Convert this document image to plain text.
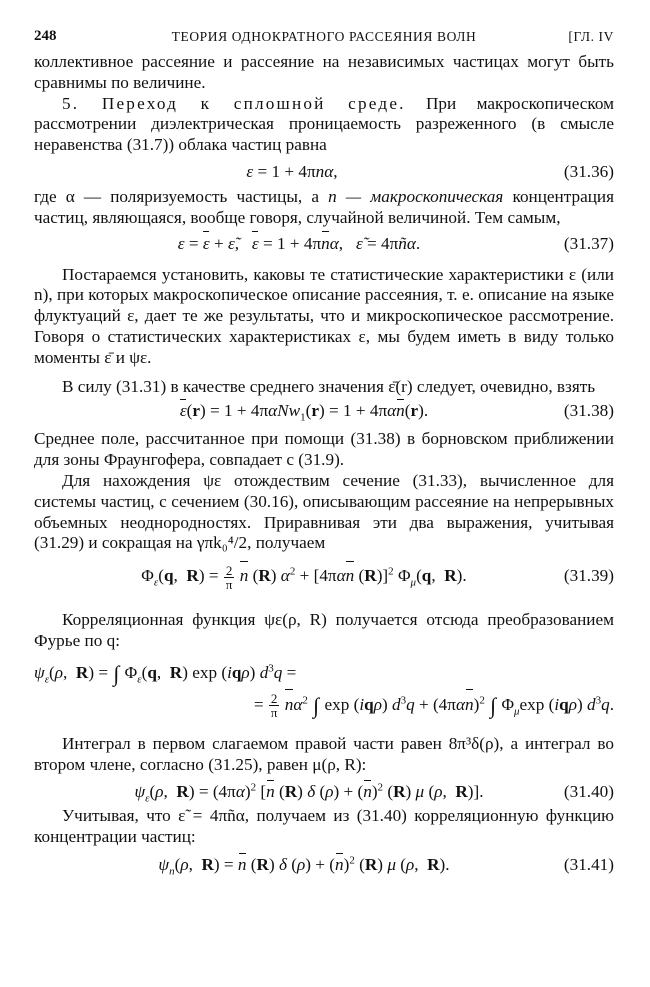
248	ТЕОРИЯ ОДНОКРАТНОГО РАССЕЯНИЯ ВОЛН	[ГЛ. IV

коллективное рассеяние и рассеяние на независимых частицах могут быть сравнимы по величине.

5. Переход к сплошной среде. При макроскопическом рассмотрении диэлектрическая проницаемость разреженного (в смысле неравенства (31.7)) облака частиц равна

ε = 1 + 4πnα,	(31.36)

где α — поляризуемость частицы, а n — макроскопическая концентрация частиц, являющаяся, вообще говоря, случайной величиной. Тем самым,

ε = ε + ε̃,   ε = 1 + 4πnα,   ε̃ = 4πñα.	(31.37)

Постараемся установить, каковы те статистические характеристики ε (или n), при которых макроскопическое описание рассеяния, т. е. описание на языке флуктуаций ε, дает те же результаты, что и микроскопическое рассмотрение. Говоря о статистических характеристиках ε, мы будем иметь в виду только моменты ε̄ и ψε.

В силу (31.31) в качестве среднего значения ε̄(r) следует, очевидно, взять

ε(r) = 1 + 4παNw$_1$(r) = 1 + 4παn(r).	(31.38)

Среднее поле, рассчитанное при помощи (31.38) в борновском приближении для зоны Фраунгофера, совпадает с (31.9).

Для нахождения ψε отождествим сечение (31.33), вычисленное для системы частиц, с сечением (30.16), описывающим рассеяние на непрерывных объемных неоднородностях. Приравнивая эти два выражения, учитывая (31.29) и сокращая на γπk₀⁴/2, получаем

$\Phi_\varepsilon(q$,  $R) = \frac{2}{\pi}$ n (R) $\alpha^2 + [4\pi\alpha n$ (R)]$^2$ $\Phi_\mu(q$,  R).	(31.39)

Корреляционная функция ψε(ρ, R) получается отсюда преобразованием Фурье по q:

$\psi_\varepsilon(\rho$,  R) = ∫ $\Phi_\varepsilon(q$,  R) exp (iqρ) $d^3q$ =
= $\frac{2}{\pi} n\alpha^2$ ∫ exp (iqρ) $d^3q + (4\pi\alpha n)^2$ ∫ $\Phi_\mu\exp$ (iqρ) $d^3q$.

Интеграл в первом слагаемом правой части равен 8π³δ(ρ), а интеграл во втором члене, согласно (31.25), равен μ(ρ, R):

$\psi_\varepsilon(\rho$,  $R) = (4\pi\alpha)^2$ [n (R) δ $(\rho) + (n)^2$ (R) μ (ρ,  R)].	(31.40)

Учитывая, что ε̃ = 4πñα, получаем из (31.40) корреляционную функцию концентрации частиц:

$\psi_n(\rho$,  R) = n (R) δ $(\rho) + (n)^2$ (R) μ (ρ,  R).	(31.41)
